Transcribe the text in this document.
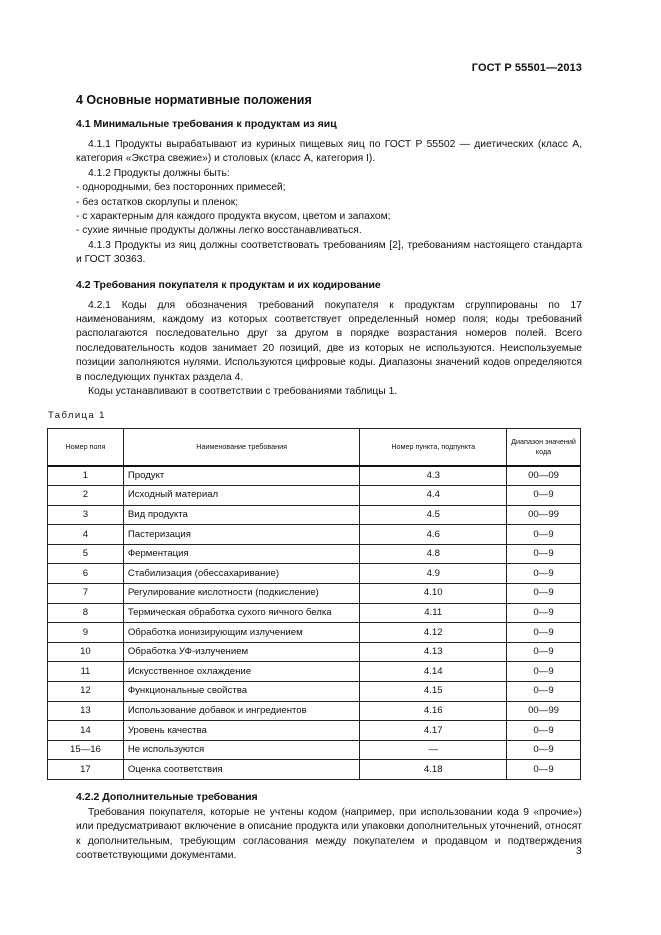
ГОСТ Р 55501—2013
4 Основные нормативные положения
4.1 Минимальные требования к продуктам из яиц

4.1.1 Продукты вырабатывают из куриных пищевых яиц по ГОСТ Р 55502 — диетических (класс А, категория «Экстра свежие») и столовых (класс А, категория I).

4.1.2 Продукты должны быть:

- однородными, без посторонних примесей;
- без остатков скорлупы и пленок;
- с характерным для каждого продукта вкусом, цветом и запахом;
- сухие яичные продукты должны легко восстанавливаться.

4.1.3 Продукты из яиц должны соответствовать требованиям [2], требованиям настоящего стандарта и ГОСТ 30363.

4.2 Требования покупателя к продуктам и их кодирование

4.2.1 Коды для обозначения требований покупателя к продуктам сгруппированы по 17 наименованиям, каждому из которых соответствует определенный номер поля; коды требований располагаются последовательно друг за другом в порядке возрастания номеров полей. Всего последовательность кодов занимает 20 позиций, две из которых не используются. Неиспользуемые позиции заполняются нулями. Используются цифровые коды. Диапазоны значений кодов определяются в последующих пунктах раздела 4.

Коды устанавливают в соответствии с требованиями таблицы 1.

Таблица 1
Номер поля	Наименование требования	Номер пункта, подпункта	Диапазон значений кода
1	Продукт	4.3	00—09
2	Исходный материал	4.4	0—9
3	Вид продукта	4.5	00—99
4	Пастеризация	4.6	0—9
5	Ферментация	4.8	0—9
6	Стабилизация (обессахаривание)	4.9	0—9
7	Регулирование кислотности (подкисление)	4.10	0—9
8	Термическая обработка сухого яичного белка	4.11	0—9
9	Обработка ионизирующим излучением	4.12	0—9
10	Обработка УФ-излучением	4.13	0—9
11	Искусственное охлаждение	4.14	0—9
12	Функциональные свойства	4.15	0—9
13	Использование добавок и ингредиентов	4.16	00—99
14	Уровень качества	4.17	0—9
15—16	Не используются	—	0—9
17	Оценка соответствия	4.18	0—9
4.2.2 Дополнительные требования

Требования покупателя, которые не учтены кодом (например, при использовании кода 9 «прочие») или предусматривают включение в описание продукта или упаковки дополнительных уточнений, относят к дополнительным, требующим согласования между покупателем и продавцом и подтверждения соответствующими документами.	3
